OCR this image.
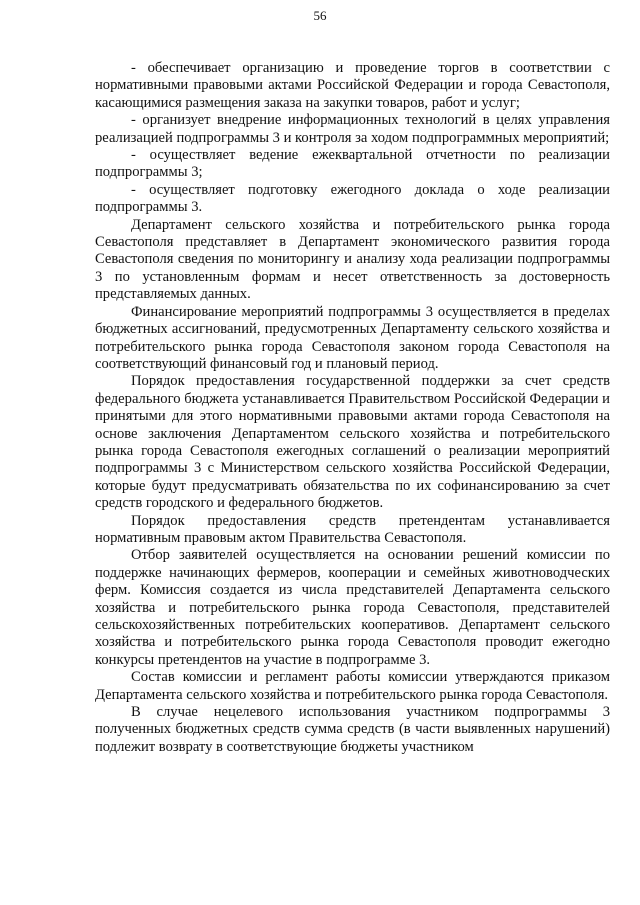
56

- обеспечивает организацию и проведение торгов в соответствии с нормативными правовыми актами Российской Федерации и города Севастополя, касающимися размещения заказа на закупки товаров, работ и услуг;

- организует внедрение информационных технологий в целях управления реализацией подпрограммы 3 и контроля за ходом подпрограммных мероприятий;

- осуществляет ведение ежеквартальной отчетности по реализации подпрограммы 3;

- осуществляет подготовку ежегодного доклада о ходе реализации подпрограммы 3.

Департамент сельского хозяйства и потребительского рынка города Севастополя представляет в Департамент экономического развития города Севастополя сведения по мониторингу и анализу хода реализации подпрограммы 3 по установленным формам и несет ответственность за достоверность представляемых данных.

Финансирование мероприятий подпрограммы 3 осуществляется в пределах бюджетных ассигнований, предусмотренных Департаменту сельского хозяйства и потребительского рынка города Севастополя законом города Севастополя на соответствующий финансовый год и плановый период.

Порядок предоставления государственной поддержки за счет средств федерального бюджета устанавливается Правительством Российской Федерации и принятыми для этого нормативными правовыми актами города Севастополя на основе заключения Департаментом сельского хозяйства и потребительского рынка города Севастополя ежегодных соглашений о реализации мероприятий подпрограммы 3 с Министерством сельского хозяйства Российской Федерации, которые будут предусматривать обязательства по их софинансированию за счет средств городского и федерального бюджетов.

Порядок предоставления средств претендентам устанавливается нормативным правовым актом Правительства Севастополя.

Отбор заявителей осуществляется на основании решений комиссии по поддержке начинающих фермеров, кооперации и семейных животноводческих ферм. Комиссия создается из числа представителей Департамента сельского хозяйства и потребительского рынка города Севастополя, представителей сельскохозяйственных потребительских кооперативов. Департамент сельского хозяйства и потребительского рынка города Севастополя проводит ежегодно конкурсы претендентов на участие в подпрограмме 3.

Состав комиссии и регламент работы комиссии утверждаются приказом Департамента сельского хозяйства и потребительского рынка города Севастополя.

В случае нецелевого использования участником подпрограммы 3 полученных бюджетных средств сумма средств (в части выявленных нарушений) подлежит возврату в соответствующие бюджеты участником
